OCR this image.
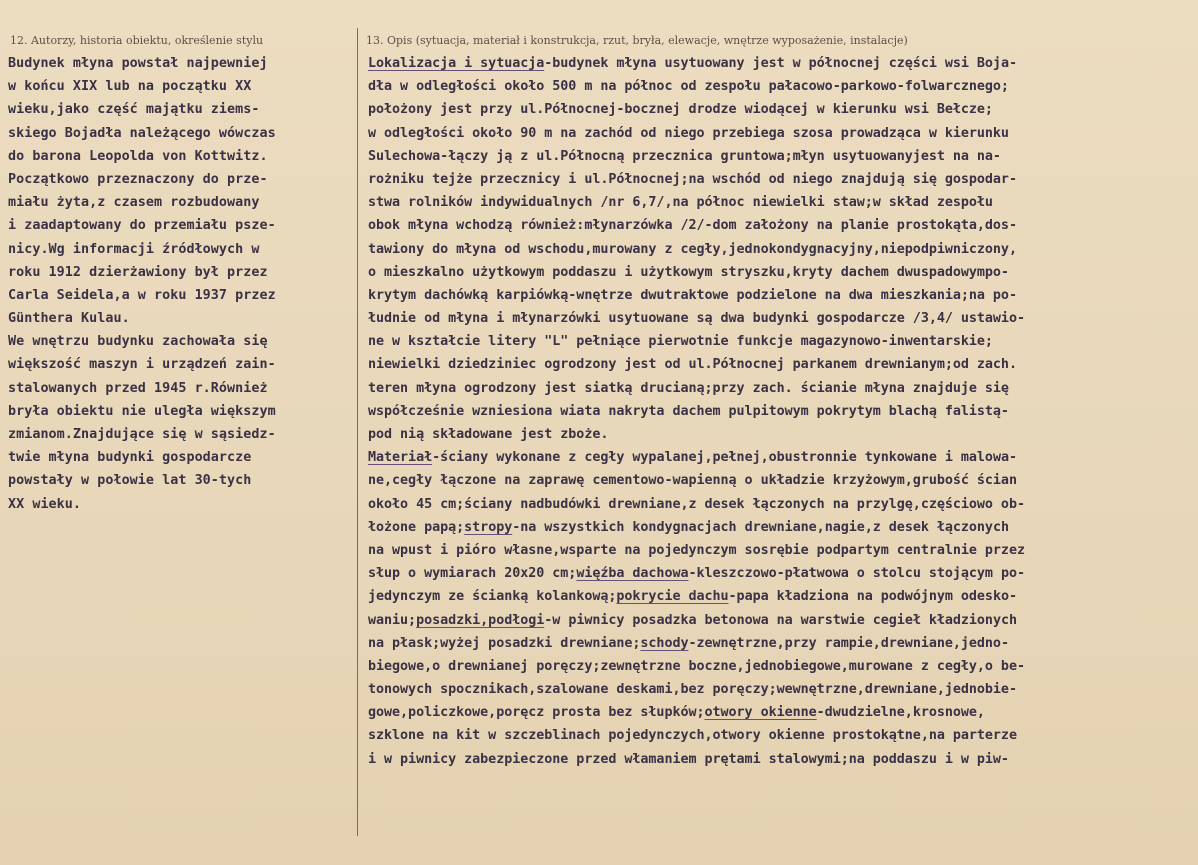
12. Autorzy, historia obiektu, określenie stylu	13. Opis (sytuacja, materiał i konstrukcja, rzut, bryła, elewacje, wnętrze wyposażenie, instalacje)
Budynek młyna powstał najpewniej
w końcu XIX lub na początku XX
wieku,jako część majątku ziems-
skiego Bojadła należącego wówczas
do barona Leopolda von Kottwitz.
Początkowo przeznaczony do prze-
miału żyta,z czasem rozbudowany
i zaadaptowany do przemiału psze-
nicy.Wg informacji źródłowych w
roku 1912 dzierżawiony był przez
Carla Seidela,a w roku 1937 przez
Günthera Kulau.
We wnętrzu budynku zachowała się
większość maszyn i urządzeń zain-
stalowanych przed 1945 r.Również
bryła obiektu nie uległa większym
zmianom.Znajdujące się w sąsiedz-
twie młyna budynki gospodarcze
powstały w połowie lat 30-tych
XX wieku.
Lokalizacja i sytuacja-budynek młyna usytuowany jest w północnej części wsi Boja-
dła w odległości około 500 m na północ od zespołu pałacowo-parkowo-folwarcznego;
położony jest przy ul.Północnej-bocznej drodze wiodącej w kierunku wsi Bełcze;
w odległości około 90 m na zachód od niego przebiega szosa prowadząca w kierunku
Sulechowa-łączy ją z ul.Północną przecznica gruntowa;młyn usytuowanyjest na na-
rożniku tejże przecznicy i ul.Północnej;na wschód od niego znajdują się gospodar-
stwa rolników indywidualnych /nr 6,7/,na północ niewielki staw;w skład zespołu
obok młyna wchodzą również:młynarzówka /2/-dom założony na planie prostokąta,dos-
tawiony do młyna od wschodu,murowany z cegły,jednokondygnacyjny,niepodpiwniczony,
o mieszkalno użytkowym poddaszu i użytkowym stryszku,kryty dachem dwuspadowympo-
krytym dachówką karpiówką-wnętrze dwutraktowe podzielone na dwa mieszkania;na po-
łudnie od młyna i młynarzówki usytuowane są dwa budynki gospodarcze /3,4/ ustawio-
ne w kształcie litery "L" pełniące pierwotnie funkcje magazynowo-inwentarskie;
niewielki dziedziniec ogrodzony jest od ul.Północnej parkanem drewnianym;od zach.
teren młyna ogrodzony jest siatką drucianą;przy zach. ścianie młyna znajduje się
współcześnie wzniesiona wiata nakryta dachem pulpitowym pokrytym blachą falistą-
pod nią składowane jest zboże.
Materiał-ściany wykonane z cegły wypalanej,pełnej,obustronnie tynkowane i malowa-
ne,cegły łączone na zaprawę cementowo-wapienną o układzie krzyżowym,grubość ścian
około 45 cm;ściany nadbudówki drewniane,z desek łączonych na przylgę,częściowo ob-
łożone papą;stropy-na wszystkich kondygnacjach drewniane,nagie,z desek łączonych
na wpust i pióro własne,wsparte na pojedynczym sosrębie podpartym centralnie przez
słup o wymiarach 20x20 cm;więźba dachowa-kleszczowo-płatwowa o stolcu stojącym po-
jedynczym ze ścianką kolankową;pokrycie dachu-papa kładziona na podwójnym odesko-
waniu;posadzki,podłogi-w piwnicy posadzka betonowa na warstwie cegieł kładzionych
na płask;wyżej posadzki drewniane;schody-zewnętrzne,przy rampie,drewniane,jedno-
biegowe,o drewnianej poręczy;zewnętrzne boczne,jednobiegowe,murowane z cegły,o be-
tonowych spocznikach,szalowane deskami,bez poręczy;wewnętrzne,drewniane,jednobie-
gowe,policzkowe,poręcz prosta bez słupków;otwory okienne-dwudzielne,krosnowe,
szklone na kit w szczeblinach pojedynczych,otwory okienne prostokątne,na parterze
i w piwnicy zabezpieczone przed włamaniem prętami stalowymi;na poddaszu i w piw-
